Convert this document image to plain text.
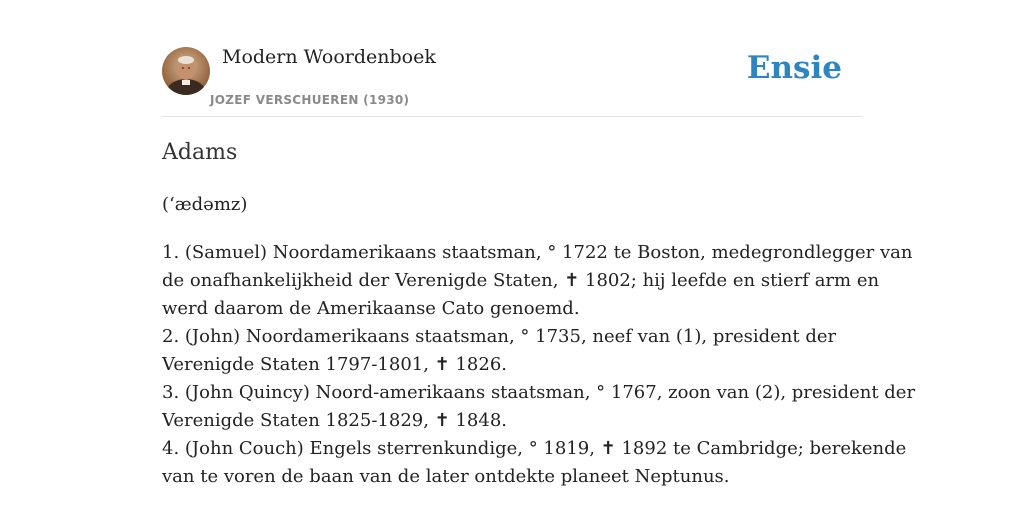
Modern Woordenboek
JOZEF VERSCHUEREN (1930)
Ensie
Adams
(ʻædəmz)
1. (Samuel) Noordamerikaans staatsman, ° 1722 te Boston, medegrondlegger van
de onafhankelijkheid der Verenigde Staten, ✝ 1802; hij leefde en stierf arm en
werd daarom de Amerikaanse Cato genoemd.
2. (John) Noordamerikaans staatsman, ° 1735, neef van (1), president der
Verenigde Staten 1797-1801, ✝ 1826.
3. (John Quincy) Noord-amerikaans staatsman, ° 1767, zoon van (2), president der
Verenigde Staten 1825-1829, ✝ 1848.
4. (John Couch) Engels sterrenkundige, ° 1819, ✝ 1892 te Cambridge; berekende
van te voren de baan van de later ontdekte planeet Neptunus.
